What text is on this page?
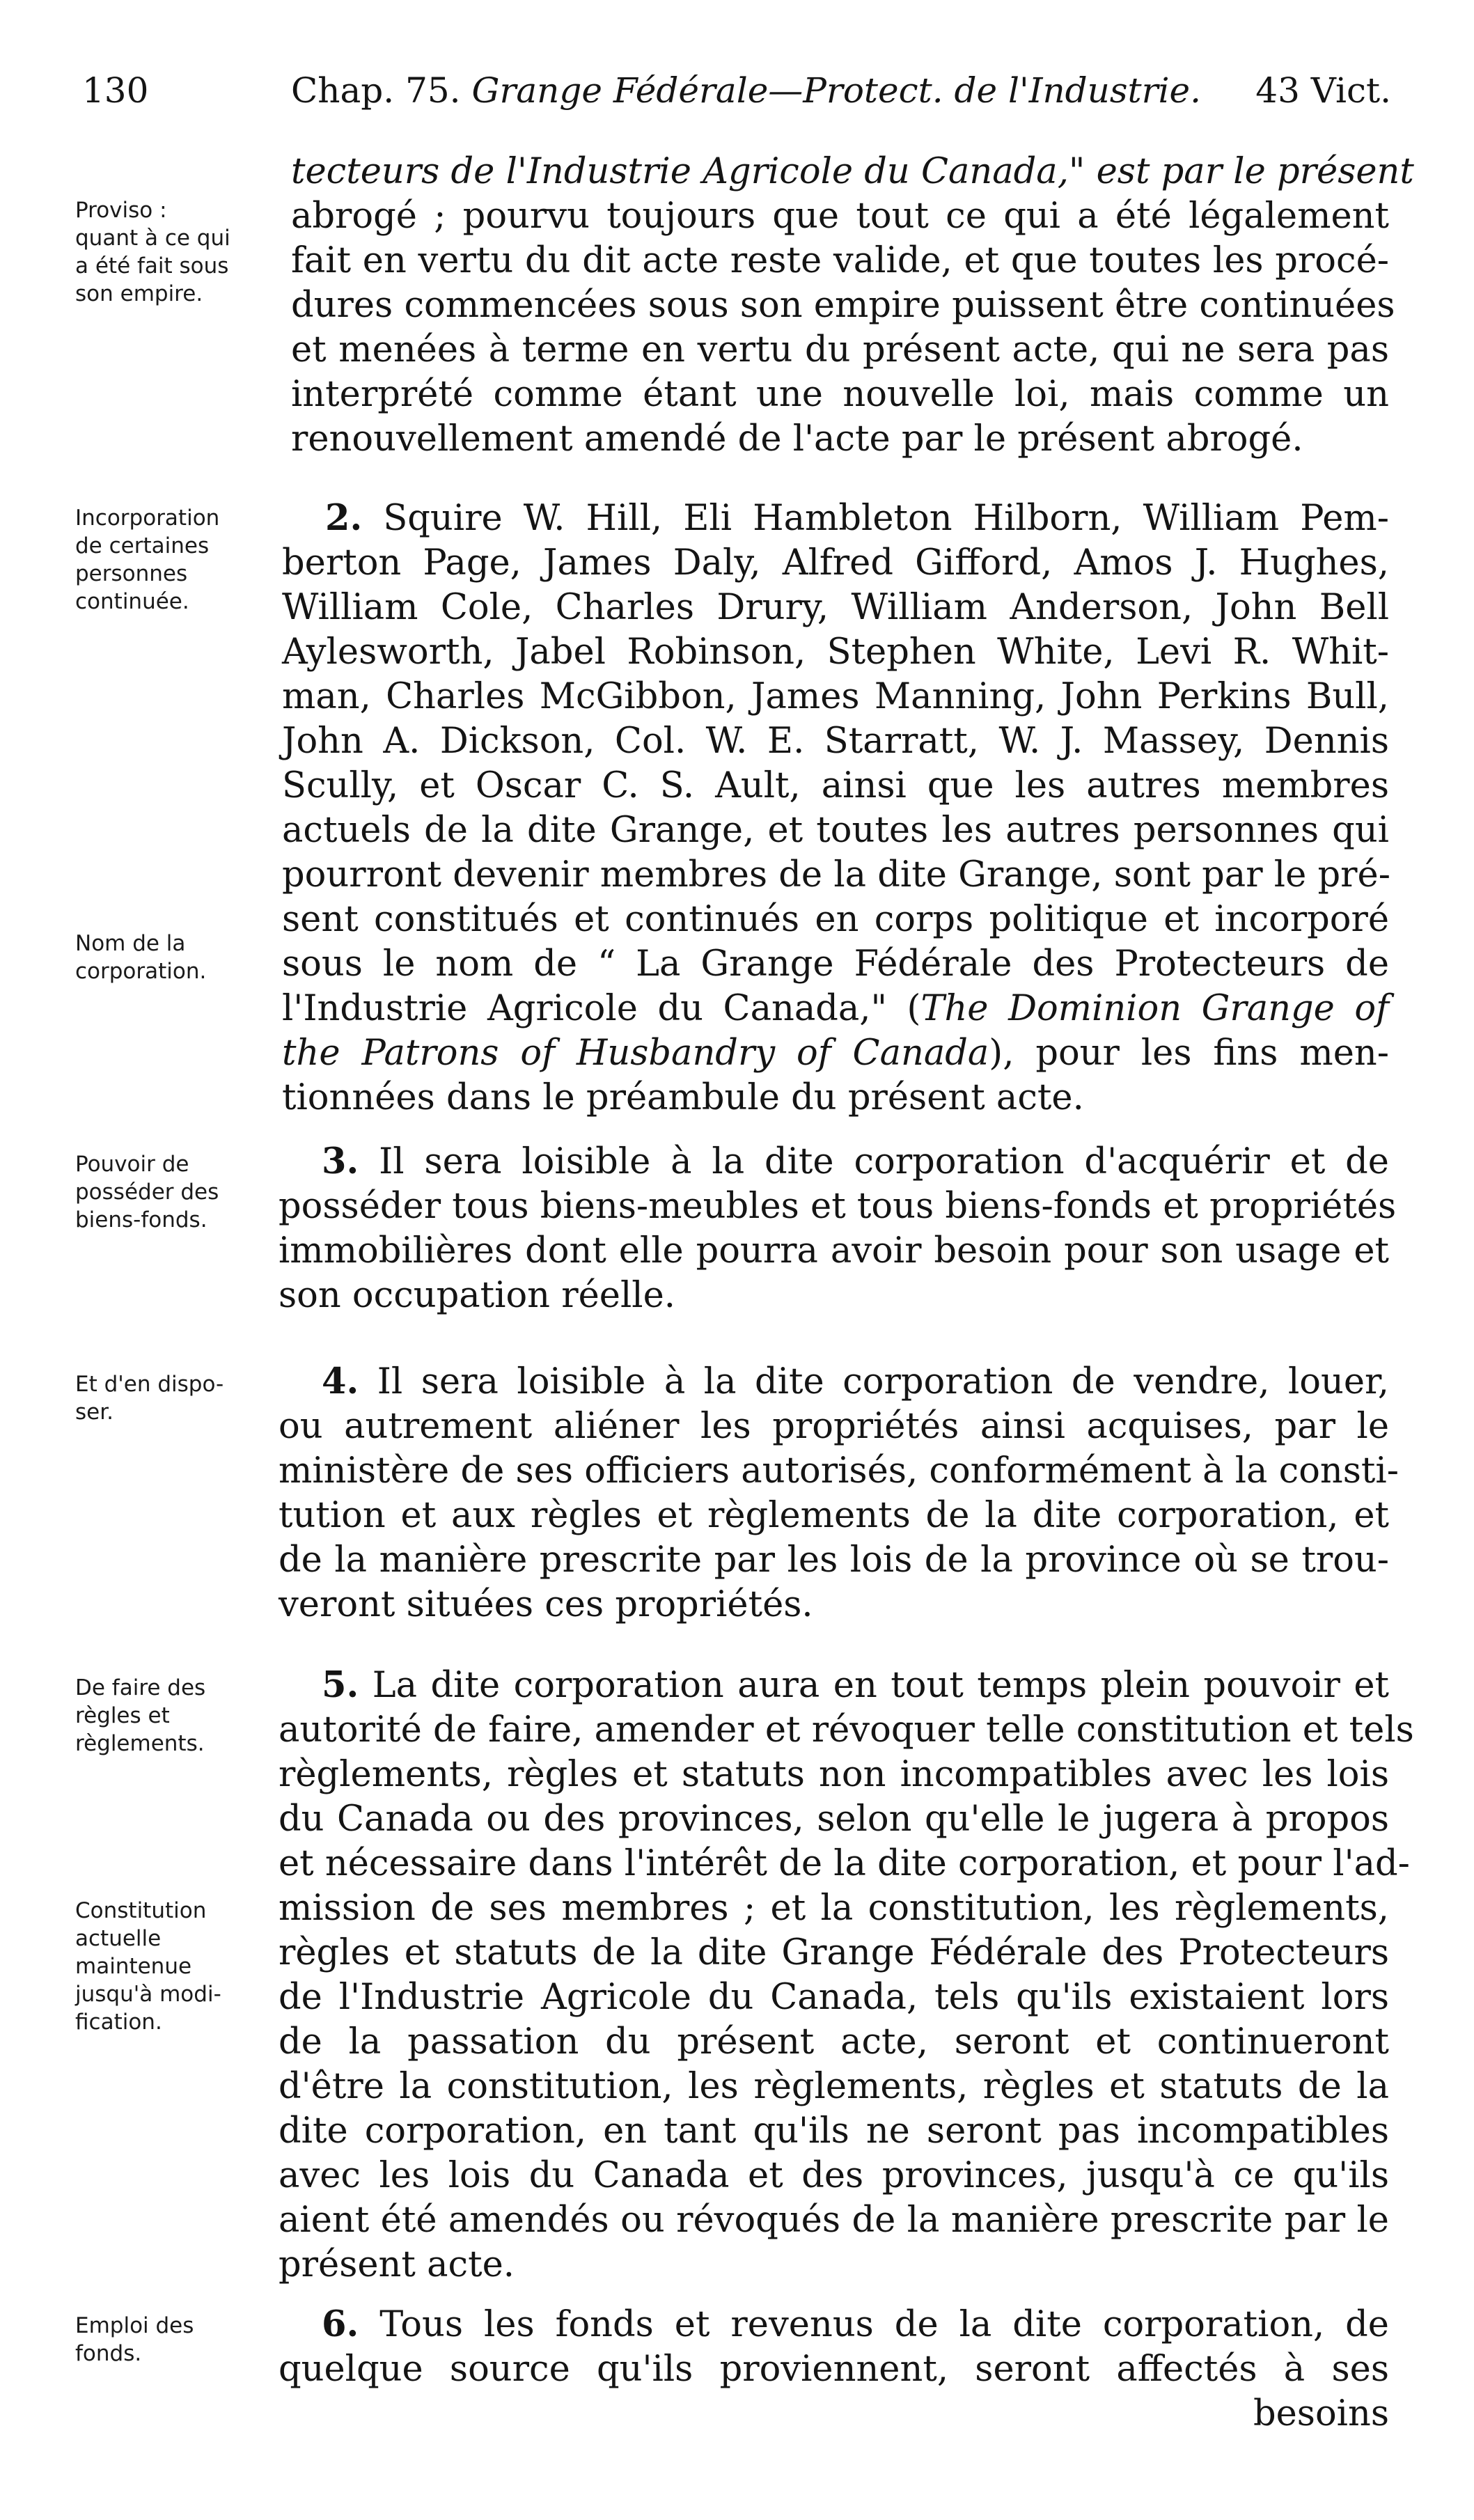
130	Chap. 75. Grange Fédérale—Protect. de l'Industrie. 43 Vict.
Proviso :
quant à ce qui
a été fait sous
son empire.
Incorporation
de certaines
personnes
continuée.
Nom de la
corporation.
Pouvoir de
posséder des
biens-fonds.
Et d'en dispo-
ser.
De faire des
règles et
règlements.
Constitution
actuelle
maintenue
jusqu'à modi-
fication.
Emploi des
fonds.
tecteurs de l'Industrie Agricole du Canada," est par le présent
abrogé ; pourvu toujours que tout ce qui a été légalement
fait en vertu du dit acte reste valide, et que toutes les procé-
dures commencées sous son empire puissent être continuées
et menées à terme en vertu du présent acte, qui ne sera pas
interprété comme étant une nouvelle loi, mais comme un
renouvellement amendé de l'acte par le présent abrogé.
2. Squire W. Hill, Eli Hambleton Hilborn, William Pem-
berton Page, James Daly, Alfred Gifford, Amos J. Hughes,
William Cole, Charles Drury, William Anderson, John Bell
Aylesworth, Jabel Robinson, Stephen White, Levi R. Whit-
man, Charles McGibbon, James Manning, John Perkins Bull,
John A. Dickson, Col. W. E. Starratt, W. J. Massey, Dennis
Scully, et Oscar C. S. Ault, ainsi que les autres membres
actuels de la dite Grange, et toutes les autres personnes qui
pourront devenir membres de la dite Grange, sont par le pré-
sent constitués et continués en corps politique et incorporé
sous le nom de “ La Grange Fédérale des Protecteurs de
l'Industrie Agricole du Canada," (The Dominion Grange of
the Patrons of Husbandry of Canada), pour les fins men-
tionnées dans le préambule du présent acte.
3. Il sera loisible à la dite corporation d'acquérir et de
posséder tous biens-meubles et tous biens-fonds et propriétés
immobilières dont elle pourra avoir besoin pour son usage et
son occupation réelle.
4. Il sera loisible à la dite corporation de vendre, louer,
ou autrement aliéner les propriétés ainsi acquises, par le
ministère de ses officiers autorisés, conformément à la consti-
tution et aux règles et règlements de la dite corporation, et
de la manière prescrite par les lois de la province où se trou-
veront situées ces propriétés.
5. La dite corporation aura en tout temps plein pouvoir et
autorité de faire, amender et révoquer telle constitution et tels
règlements, règles et statuts non incompatibles avec les lois
du Canada ou des provinces, selon qu'elle le jugera à propos
et nécessaire dans l'intérêt de la dite corporation, et pour l'ad-
mission de ses membres ; et la constitution, les règlements,
règles et statuts de la dite Grange Fédérale des Protecteurs
de l'Industrie Agricole du Canada, tels qu'ils existaient lors
de la passation du présent acte, seront et continueront
d'être la constitution, les règlements, règles et statuts de la
dite corporation, en tant qu'ils ne seront pas incompatibles
avec les lois du Canada et des provinces, jusqu'à ce qu'ils
aient été amendés ou révoqués de la manière prescrite par le
présent acte.
6. Tous les fonds et revenus de la dite corporation, de
quelque source qu'ils proviennent, seront affectés à ses
besoins
